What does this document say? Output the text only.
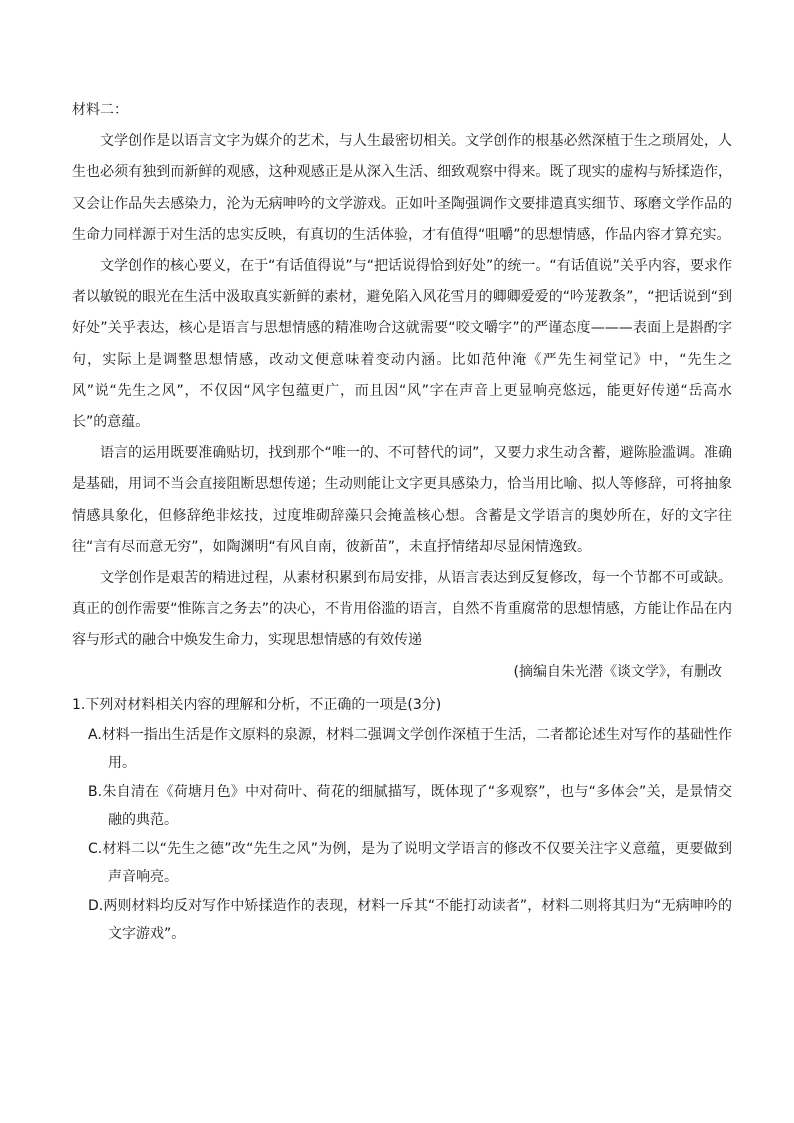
材料二：

文学创作是以语言文字为媒介的艺术，与人生最密切相关。文学创作的根基必然深植于生之琐屑处，人生也必须有独到而新鲜的观感，这种观感正是从深入生活、细致观察中得来。既了现实的虚构与矫揉造作，又会让作品失去感染力，沦为无病呻吟的文学游戏。正如叶圣陶强调作文要排遣真实细节、琢磨文学作品的生命力同样源于对生活的忠实反映，有真切的生活体验，才有值得“咀嚼”的思想情感，作品内容才算充实。

文学创作的核心要义，在于“有话值得说”与“把话说得恰到好处”的统一。“有话值说”关乎内容，要求作者以敏锐的眼光在生活中汲取真实新鲜的素材，避免陷入风花雪月的卿卿爱爱的“吟茏教条”，“把话说到“到好处”关乎表达，核心是语言与思想情感的精准吻合这就需要“咬文嚼字”的严谨态度———表面上是斟酌字句，实际上是调整思想情感，改动文便意味着变动内涵。比如范仲淹《严先生祠堂记》中，“先生之风”说“先生之风”，不仅因“风字包蕴更广，而且因“风”字在声音上更显响亮悠远，能更好传递“岳高水长”的意蕴。

语言的运用既要准确贴切，找到那个“唯一的、不可替代的词”，又要力求生动含蓄，避陈脸滥调。准确是基础，用词不当会直接阻断思想传递；生动则能让文字更具感染力，恰当用比喻、拟人等修辞，可将抽象情感具象化，但修辞绝非炫技，过度堆砌辞藻只会掩盖核心想。含蓄是文学语言的奥妙所在，好的文字往往“言有尽而意无穷”，如陶渊明“有风自南，彼新苗”，未直抒情绪却尽显闲情逸致。

文学创作是艰苦的精进过程，从素材积累到布局安排，从语言表达到反复修改，每一个节都不可或缺。真正的创作需要“惟陈言之务去”的决心，不肯用俗滥的语言，自然不肯重腐常的思想情感，方能让作品在内容与形式的融合中焕发生命力，实现思想情感的有效传递

(摘编自朱光潜《谈文学》，有删改

1.下列对材料相关内容的理解和分析，不正确的一项是(3分)

A.材料一指出生活是作文原料的泉源，材料二强调文学创作深植于生活，二者都论述生对写作的基础性作用。

B.朱自清在《荷塘月色》中对荷叶、荷花的细腻描写，既体现了“多观察”，也与“多体会”关，是景情交融的典范。

C.材料二以“先生之德”改“先生之风”为例，是为了说明文学语言的修改不仅要关注字义意蕴，更要做到声音响亮。

D.两则材料均反对写作中矫揉造作的表现，材料一斥其“不能打动读者”，材料二则将其归为“无病呻吟的文字游戏”。
